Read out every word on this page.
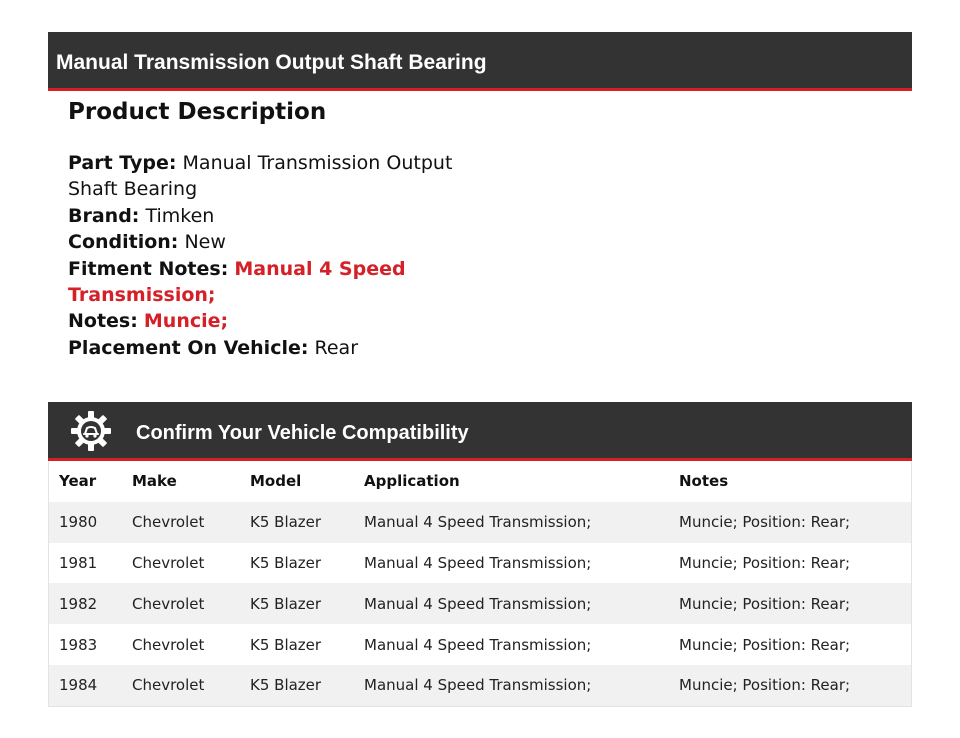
Manual Transmission Output Shaft Bearing
Product Description

Part Type: Manual Transmission Output Shaft Bearing

Brand: Timken

Condition: New

Fitment Notes: Manual 4 Speed Transmission;

Notes: Muncie;

Placement On Vehicle: Rear

Confirm Your Vehicle Compatibility
Year	Make	Model	Application	Notes
1980	Chevrolet	K5 Blazer	Manual 4 Speed Transmission;	Muncie; Position: Rear;
1981	Chevrolet	K5 Blazer	Manual 4 Speed Transmission;	Muncie; Position: Rear;
1982	Chevrolet	K5 Blazer	Manual 4 Speed Transmission;	Muncie; Position: Rear;
1983	Chevrolet	K5 Blazer	Manual 4 Speed Transmission;	Muncie; Position: Rear;
1984	Chevrolet	K5 Blazer	Manual 4 Speed Transmission;	Muncie; Position: Rear;
